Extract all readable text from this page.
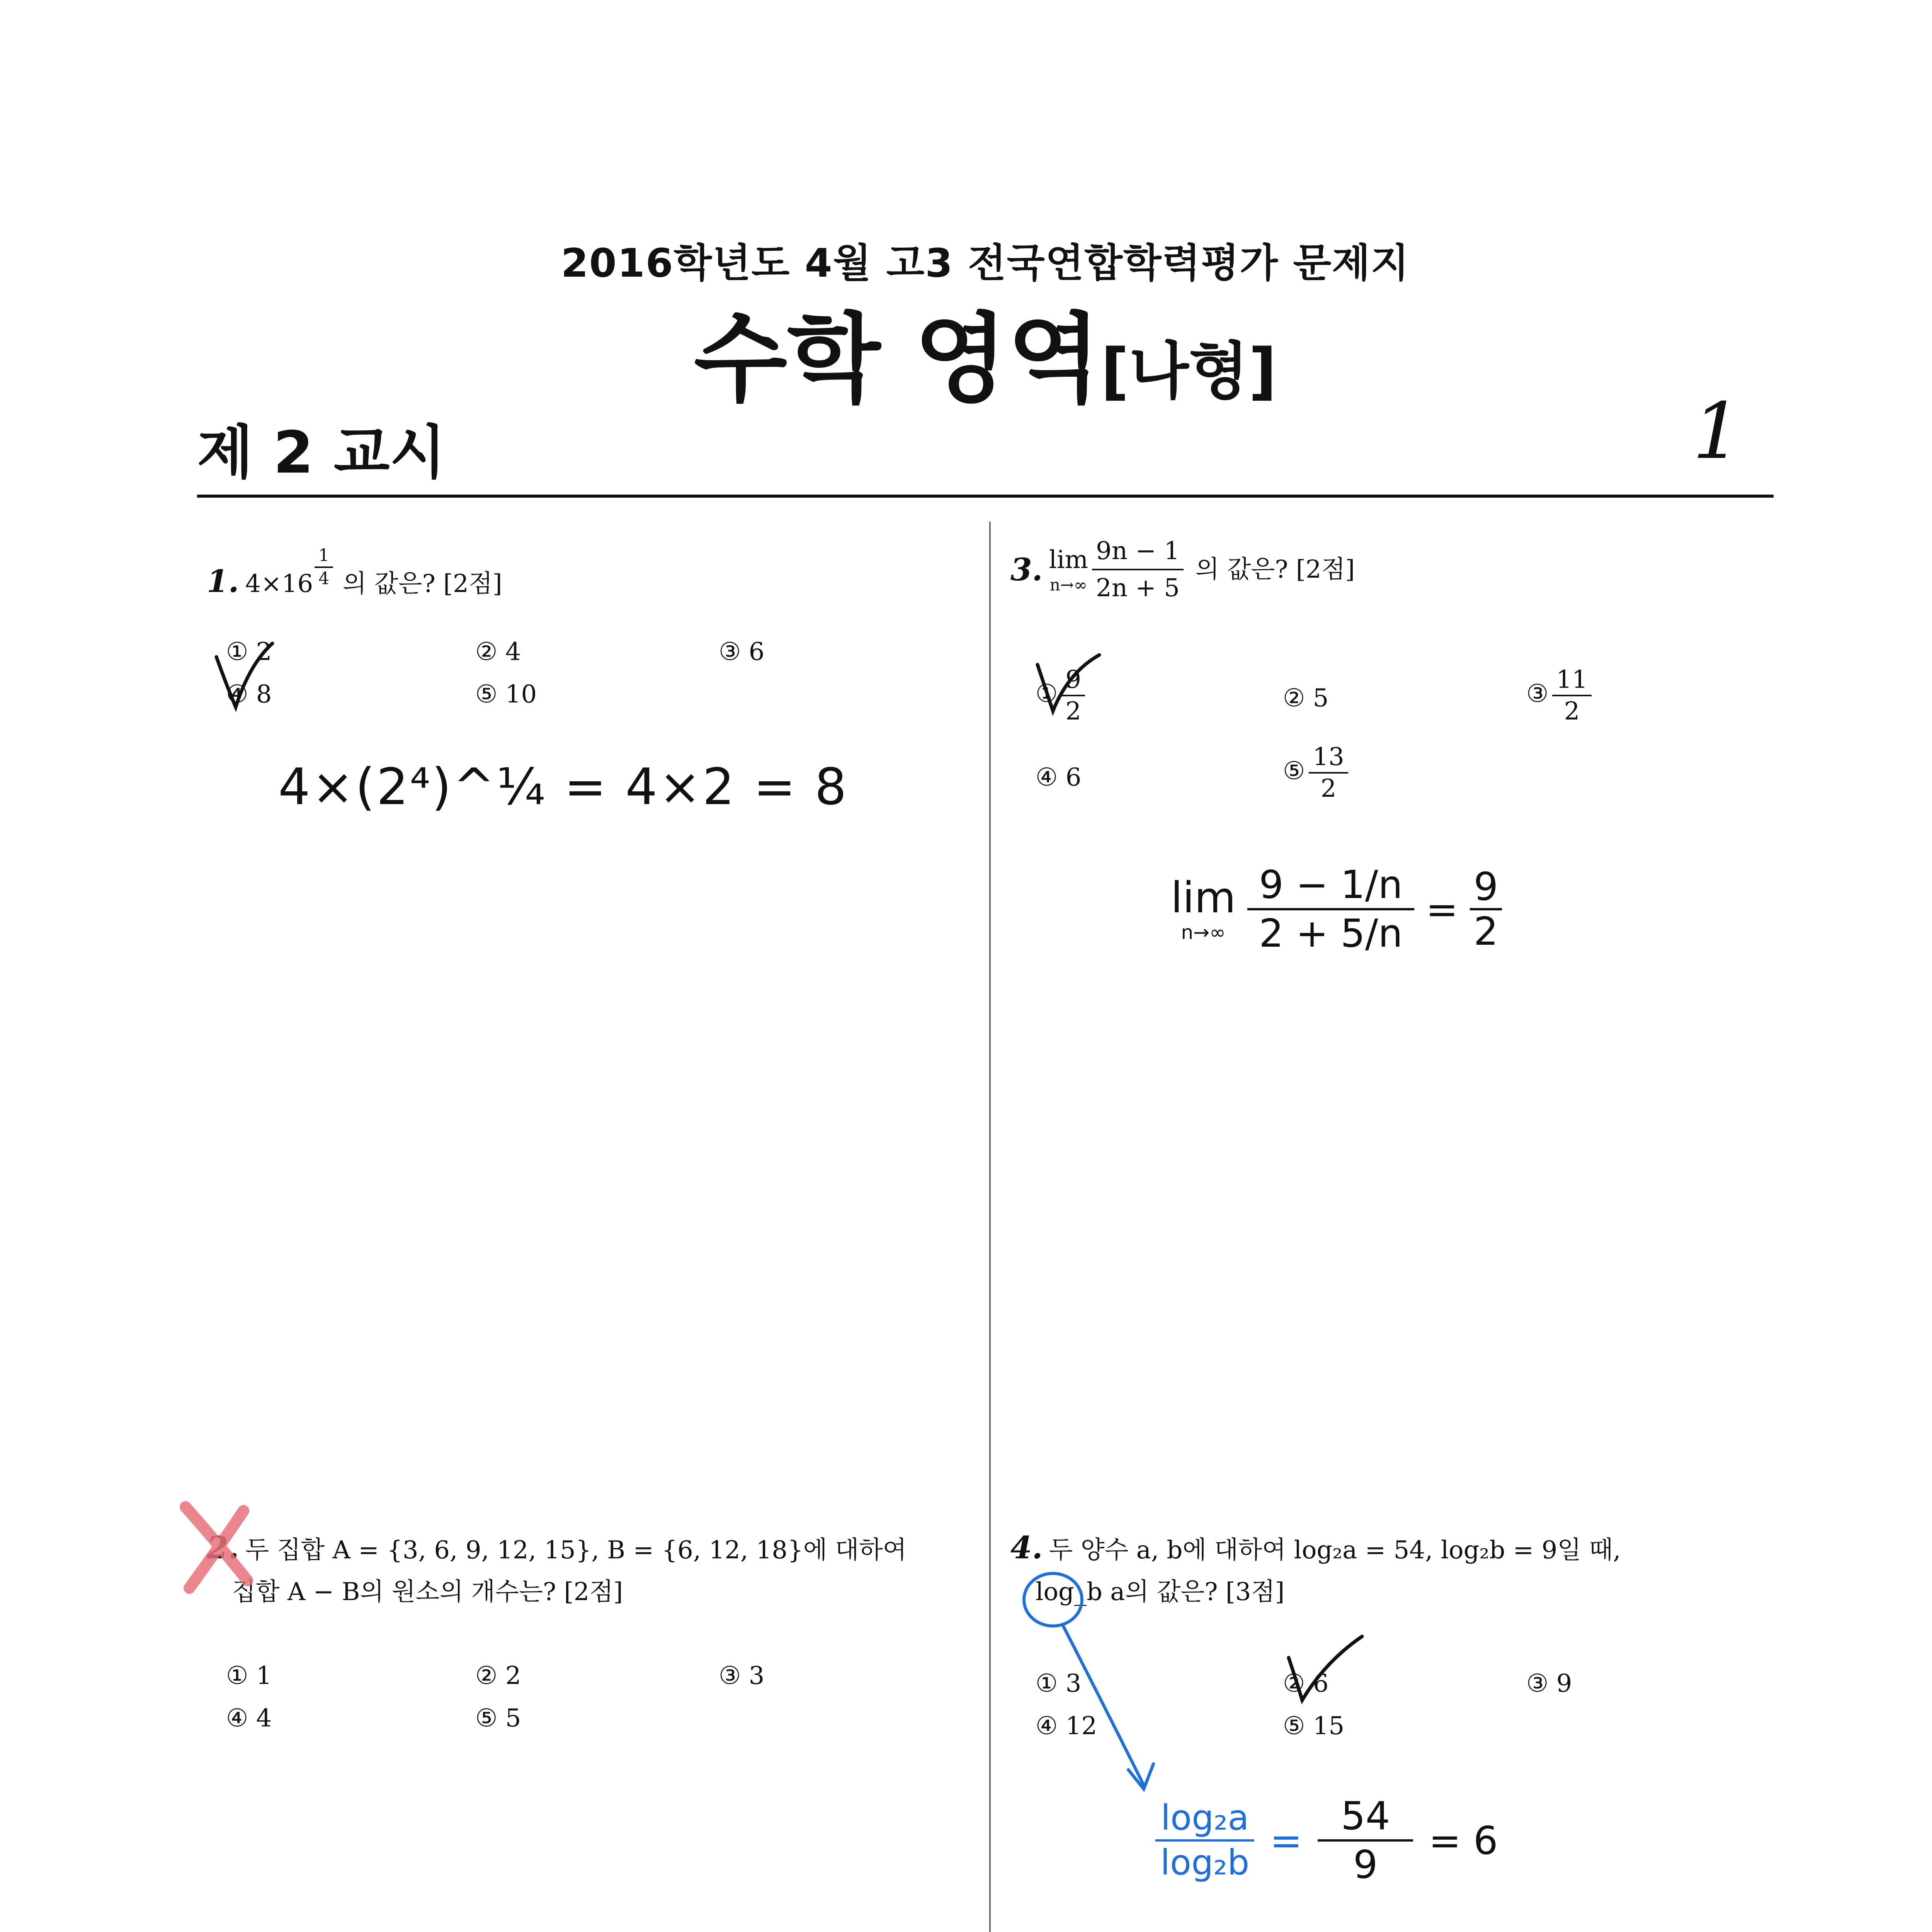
2016학년도 4월 고3 전국연합학력평가 문제지
수학 영역[나형]
제 2 교시	1
1. $4\times 16 \frac{1}{4}$ 의 값은? [2점]
① 2	② 4	③ 6
④ 8	⑤ 10
4×(2⁴)^¼ = 4×2 = 8
2. 두 집합 A = {3, 6, 9, 12, 15}, B = {6, 12, 18}에 대하여
집합 A − B의 원소의 개수는? [2점]
① 1	② 2	③ 3
④ 4	⑤ 5
3. lim
$n\to\infty \frac{9n - 1}{2n + 5}$ 의 값은? [2점]
① $\frac{9}{2}$	② 5	③ $\frac{11}{2}$
④ 6	⑤ $\frac{13}{2}$
lim
$n\to\infty \frac{9 - 1/n}{2 + 5/n} = \frac{9}{2}$
4. 두 양수 a, b에 대하여 log₂a = 54, log₂b = 9일 때,
log_b a의 값은? [3점]
① 3	② 6	③ 9
④ 12	⑤ 15
$\frac{\text{log₂a}}{\text{log₂b}} = \frac{54}{9} = 6$
